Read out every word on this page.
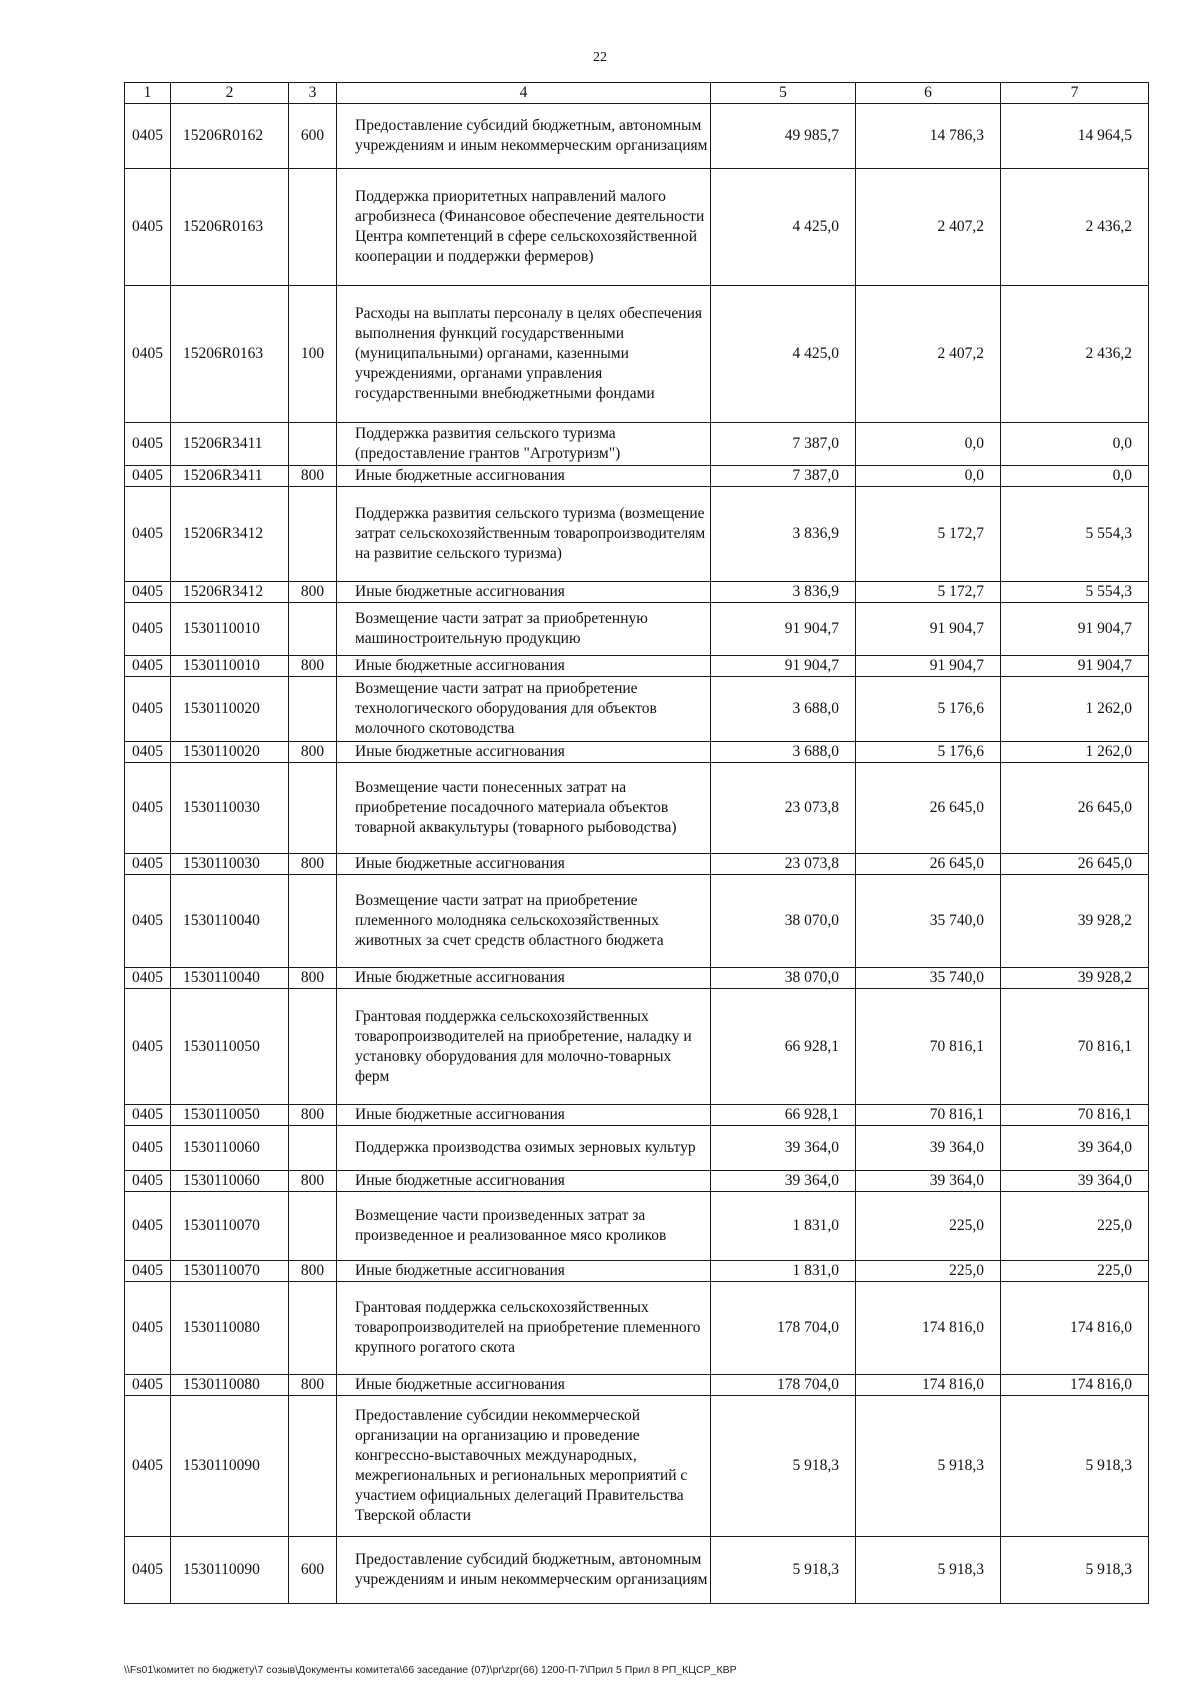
22
1	2	3	4	5	6	7
0405	15206R0162	600	Предоставление субсидий бюджетным, автономным учреждениям и иным некоммерческим организациям	49 985,7	14 786,3	14 964,5
0405	15206R0163		Поддержка приоритетных направлений малого агробизнеса (Финансовое обеспечение деятельности Центра компетенций в сфере сельскохозяйственной кооперации и поддержки фермеров)	4 425,0	2 407,2	2 436,2
0405	15206R0163	100	Расходы на выплаты персоналу в целях обеспечения выполнения функций государственными (муниципальными) органами, казенными учреждениями, органами управления государственными внебюджетными фондами	4 425,0	2 407,2	2 436,2
0405	15206R3411		Поддержка развития сельского туризма (предоставление грантов "Агротуризм")	7 387,0	0,0	0,0
0405	15206R3411	800	Иные бюджетные ассигнования	7 387,0	0,0	0,0
0405	15206R3412		Поддержка развития сельского туризма (возмещение затрат сельскохозяйственным товаропроизводителям на развитие сельского туризма)	3 836,9	5 172,7	5 554,3
0405	15206R3412	800	Иные бюджетные ассигнования	3 836,9	5 172,7	5 554,3
0405	1530110010		Возмещение части затрат за приобретенную машиностроительную продукцию	91 904,7	91 904,7	91 904,7
0405	1530110010	800	Иные бюджетные ассигнования	91 904,7	91 904,7	91 904,7
0405	1530110020		Возмещение части затрат на приобретение технологического оборудования для объектов молочного скотоводства	3 688,0	5 176,6	1 262,0
0405	1530110020	800	Иные бюджетные ассигнования	3 688,0	5 176,6	1 262,0
0405	1530110030		Возмещение части понесенных затрат на приобретение посадочного материала объектов товарной аквакультуры (товарного рыбоводства)	23 073,8	26 645,0	26 645,0
0405	1530110030	800	Иные бюджетные ассигнования	23 073,8	26 645,0	26 645,0
0405	1530110040		Возмещение части затрат на приобретение племенного молодняка сельскохозяйственных животных за счет средств областного бюджета	38 070,0	35 740,0	39 928,2
0405	1530110040	800	Иные бюджетные ассигнования	38 070,0	35 740,0	39 928,2
0405	1530110050		Грантовая поддержка сельскохозяйственных товаропроизводителей на приобретение, наладку и установку оборудования для молочно-товарных ферм	66 928,1	70 816,1	70 816,1
0405	1530110050	800	Иные бюджетные ассигнования	66 928,1	70 816,1	70 816,1
0405	1530110060		Поддержка производства озимых зерновых культур	39 364,0	39 364,0	39 364,0
0405	1530110060	800	Иные бюджетные ассигнования	39 364,0	39 364,0	39 364,0
0405	1530110070		Возмещение части произведенных затрат за произведенное и реализованное мясо кроликов	1 831,0	225,0	225,0
0405	1530110070	800	Иные бюджетные ассигнования	1 831,0	225,0	225,0
0405	1530110080		Грантовая поддержка сельскохозяйственных товаропроизводителей на приобретение племенного крупного рогатого скота	178 704,0	174 816,0	174 816,0
0405	1530110080	800	Иные бюджетные ассигнования	178 704,0	174 816,0	174 816,0
0405	1530110090		Предоставление субсидии некоммерческой организации на организацию и проведение конгрессно-выставочных международных, межрегиональных и региональных мероприятий с участием официальных делегаций Правительства Тверской области	5 918,3	5 918,3	5 918,3
0405	1530110090	600	Предоставление субсидий бюджетным, автономным учреждениям и иным некоммерческим организациям	5 918,3	5 918,3	5 918,3
\\Fs01\комитет по бюджету\7 созыв\Документы комитета\66 заседание (07)\pr\zpr(66) 1200-П-7\Прил 5 Прил 8 РП_КЦСР_КВР
